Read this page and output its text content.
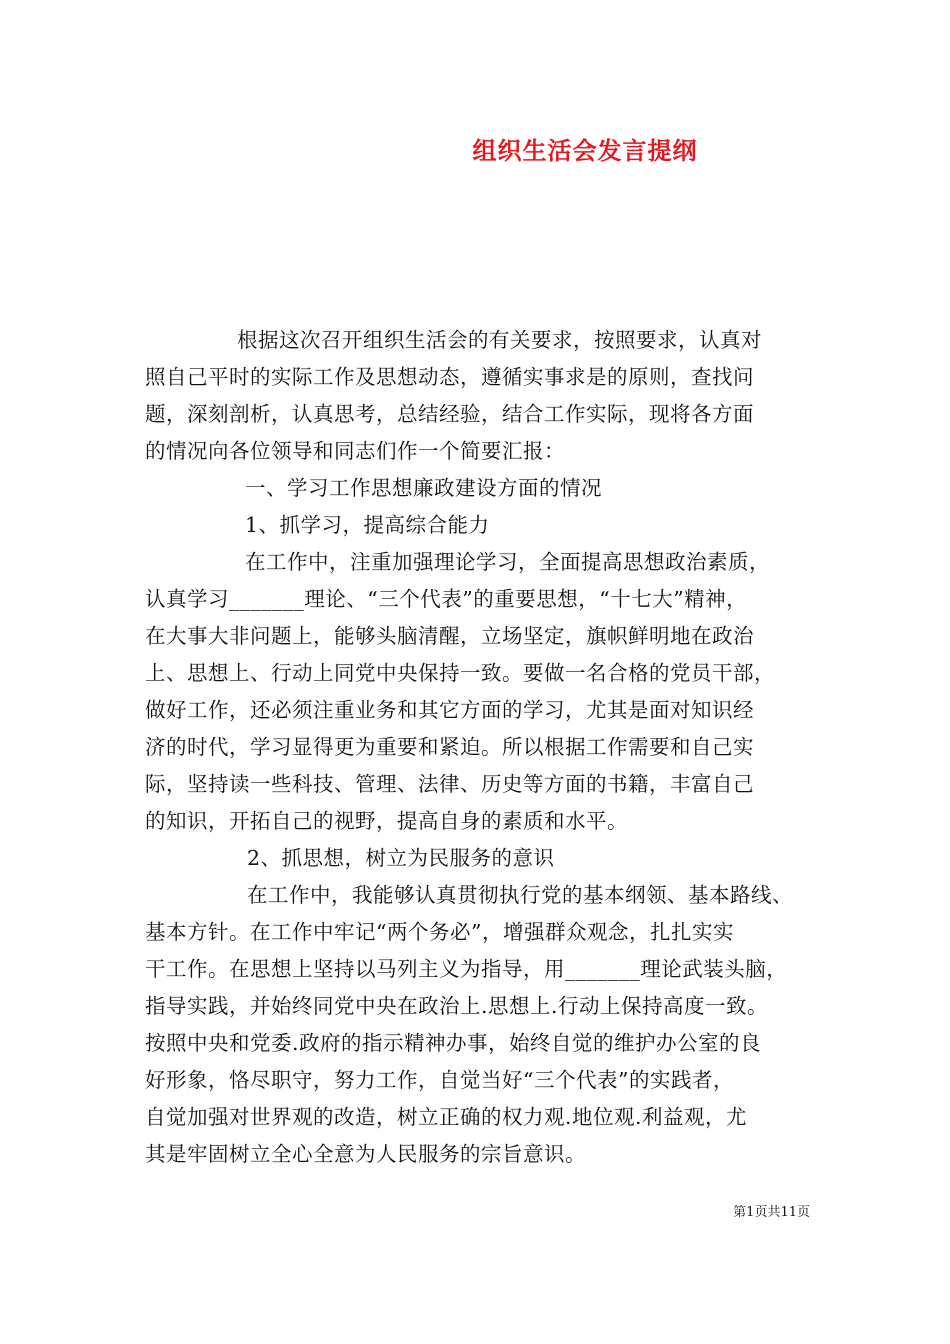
组织生活会发言提纲
根据这次召开组织生活会的有关要求，按照要求，认真对
照自己平时的实际工作及思想动态，遵循实事求是的原则，查找问
题，深刻剖析，认真思考，总结经验，结合工作实际，现将各方面
的情况向各位领导和同志们作一个简要汇报：
一、学习工作思想廉政建设方面的情况
1、抓学习，提高综合能力
在工作中，注重加强理论学习，全面提高思想政治素质，
认真学习_______理论、“三个代表”的重要思想，“十七大”精神，
在大事大非问题上，能够头脑清醒，立场坚定，旗帜鲜明地在政治
上、思想上、行动上同党中央保持一致。要做一名合格的党员干部，
做好工作，还必须注重业务和其它方面的学习，尤其是面对知识经
济的时代，学习显得更为重要和紧迫。所以根据工作需要和自己实
际，坚持读一些科技、管理、法律、历史等方面的书籍，丰富自己
的知识，开拓自己的视野，提高自身的素质和水平。
2、抓思想，树立为民服务的意识
在工作中，我能够认真贯彻执行党的基本纲领、基本路线、
基本方针。在工作中牢记“两个务必”，增强群众观念，扎扎实实
干工作。在思想上坚持以马列主义为指导，用_______理论武装头脑，
指导实践，并始终同党中央在政治上.思想上.行动上保持高度一致。
按照中央和党委.政府的指示精神办事，始终自觉的维护办公室的良
好形象，恪尽职守，努力工作，自觉当好“三个代表”的实践者，
自觉加强对世界观的改造，树立正确的权力观.地位观.利益观，尤
其是牢固树立全心全意为人民服务的宗旨意识。
第1页共11页
